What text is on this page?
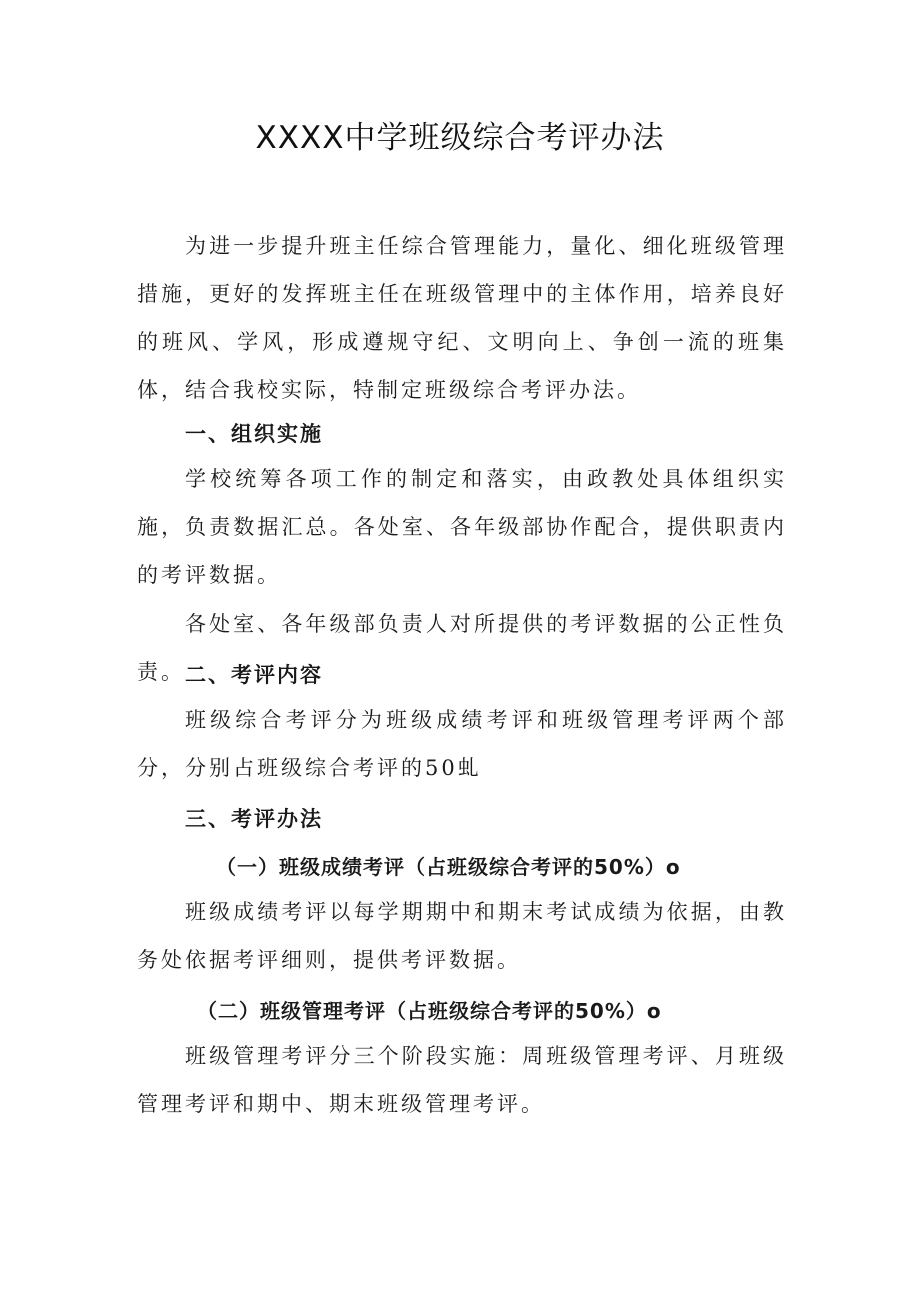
XXXX中学班级综合考评办法

为进一步提升班主任综合管理能力，量化、细化班级管理措施，更好的发挥班主任在班级管理中的主体作用，培养良好的班风、学风，形成遵规守纪、文明向上、争创一流的班集体，结合我校实际，特制定班级综合考评办法。

一、组织实施

学校统筹各项工作的制定和落实，由政教处具体组织实施，负责数据汇总。各处室、各年级部协作配合，提供职责内的考评数据。

各处室、各年级部负责人对所提供的考评数据的公正性负责。 二、考评内容

班级综合考评分为班级成绩考评和班级管理考评两个部分，分别占班级综合考评的50虬

三、考评办法

（一）班级成绩考评（占班级综合考评的50%）o

班级成绩考评以每学期期中和期末考试成绩为依据，由教务处依据考评细则，提供考评数据。

（二）班级管理考评（占班级综合考评的50%）o

班级管理考评分三个阶段实施：周班级管理考评、月班级管理考评和期中、期末班级管理考评。
